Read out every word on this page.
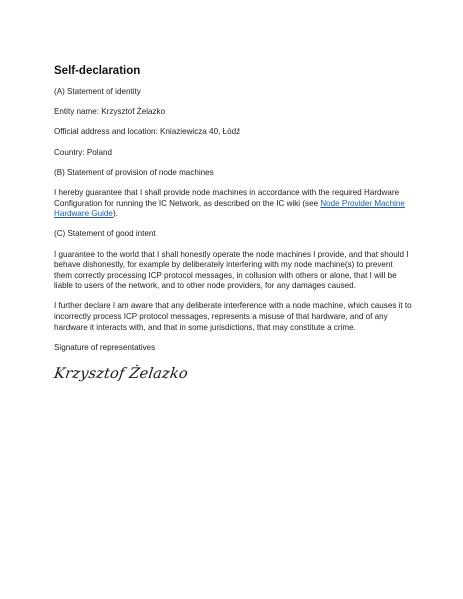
Self-declaration
(A) Statement of identity
Entity name: Krzysztof Żelazko
Official address and location: Kniaziewicza 40, Łódź
Country: Poland
(B) Statement of provision of node machines
I hereby guarantee that I shall provide node machines in accordance with the required Hardware Configuration for running the IC Network, as described on the IC wiki (see Node Provider Machine Hardware Guide).
(C) Statement of good intent
I guarantee to the world that I shall honestly operate the node machines I provide, and that should I behave dishonestly, for example by deliberately interfering with my node machine(s) to prevent them correctly processing ICP protocol messages, in collusion with others or alone, that I will be liable to users of the network, and to other node providers, for any damages caused.
I further declare I am aware that any deliberate interference with a node machine, which causes it to incorrectly process ICP protocol messages, represents a misuse of that hardware, and of any hardware it interacts with, and that in some jurisdictions, that may constitute a crime.
Signature of representatives
Krzysztof Żelazko
